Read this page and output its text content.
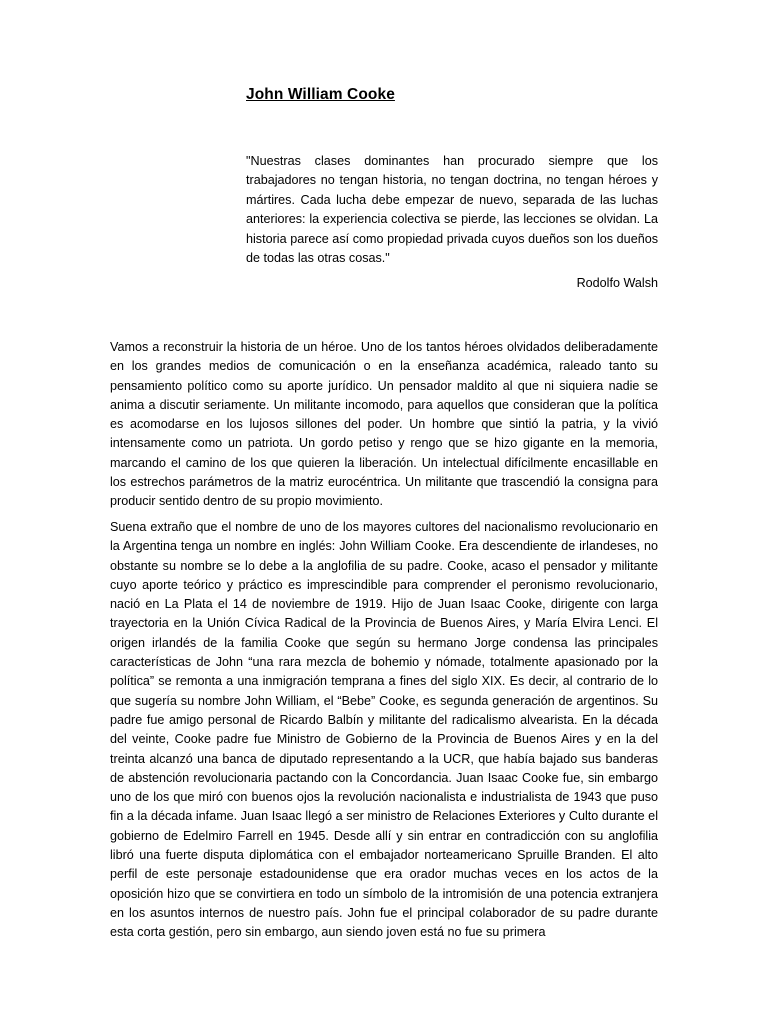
John William Cooke

"Nuestras clases dominantes han procurado siempre que los trabajadores no tengan historia, no tengan doctrina, no tengan héroes y mártires. Cada lucha debe empezar de nuevo, separada de las luchas anteriores: la experiencia colectiva se pierde, las lecciones se olvidan. La historia parece así como propiedad privada cuyos dueños son los dueños de todas las otras cosas."

Rodolfo Walsh

Vamos a reconstruir la historia de un héroe. Uno de los tantos héroes olvidados deliberadamente en los grandes medios de comunicación o en la enseñanza académica, raleado tanto su pensamiento político como su aporte jurídico. Un pensador maldito al que ni siquiera nadie se anima a discutir seriamente. Un militante incomodo, para aquellos que consideran que la política es acomodarse en los lujosos sillones del poder. Un hombre que sintió la patria, y la vivió intensamente como un patriota. Un gordo petiso y rengo que se hizo gigante en la memoria, marcando el camino de los que quieren la liberación. Un intelectual difícilmente encasillable en los estrechos parámetros de la matriz eurocéntrica. Un militante que trascendió la consigna para producir sentido dentro de su propio movimiento.

Suena extraño que el nombre de uno de los mayores cultores del nacionalismo revolucionario en la Argentina tenga un nombre en inglés: John William Cooke. Era descendiente de irlandeses, no obstante su nombre se lo debe a la anglofilia de su padre. Cooke, acaso el pensador y militante cuyo aporte teórico y práctico es imprescindible para comprender el peronismo revolucionario, nació en La Plata el 14 de noviembre de 1919. Hijo de Juan Isaac Cooke, dirigente con larga trayectoria en la Unión Cívica Radical de la Provincia de Buenos Aires, y María Elvira Lenci. El origen irlandés de la familia Cooke que según su hermano Jorge condensa las principales características de John “una rara mezcla de bohemio y nómade, totalmente apasionado por la política” se remonta a una inmigración temprana a fines del siglo XIX. Es decir, al contrario de lo que sugería su nombre John William, el “Bebe” Cooke, es segunda generación de argentinos. Su padre fue amigo personal de Ricardo Balbín y militante del radicalismo alvearista. En la década del veinte, Cooke padre fue Ministro de Gobierno de la Provincia de Buenos Aires y en la del treinta alcanzó una banca de diputado representando a la UCR, que había bajado sus banderas de abstención revolucionaria pactando con la Concordancia. Juan Isaac Cooke fue, sin embargo uno de los que miró con buenos ojos la revolución nacionalista e industrialista de 1943 que puso fin a la década infame. Juan Isaac llegó a ser ministro de Relaciones Exteriores y Culto durante el gobierno de Edelmiro Farrell en 1945. Desde allí y sin entrar en contradicción con su anglofilia libró una fuerte disputa diplomática con el embajador norteamericano Spruille Branden. El alto perfil de este personaje estadounidense que era orador muchas veces en los actos de la oposición hizo que se convirtiera en todo un símbolo de la intromisión de una potencia extranjera en los asuntos internos de nuestro país. John fue el principal colaborador de su padre durante esta corta gestión, pero sin embargo, aun siendo joven está no fue su primera
